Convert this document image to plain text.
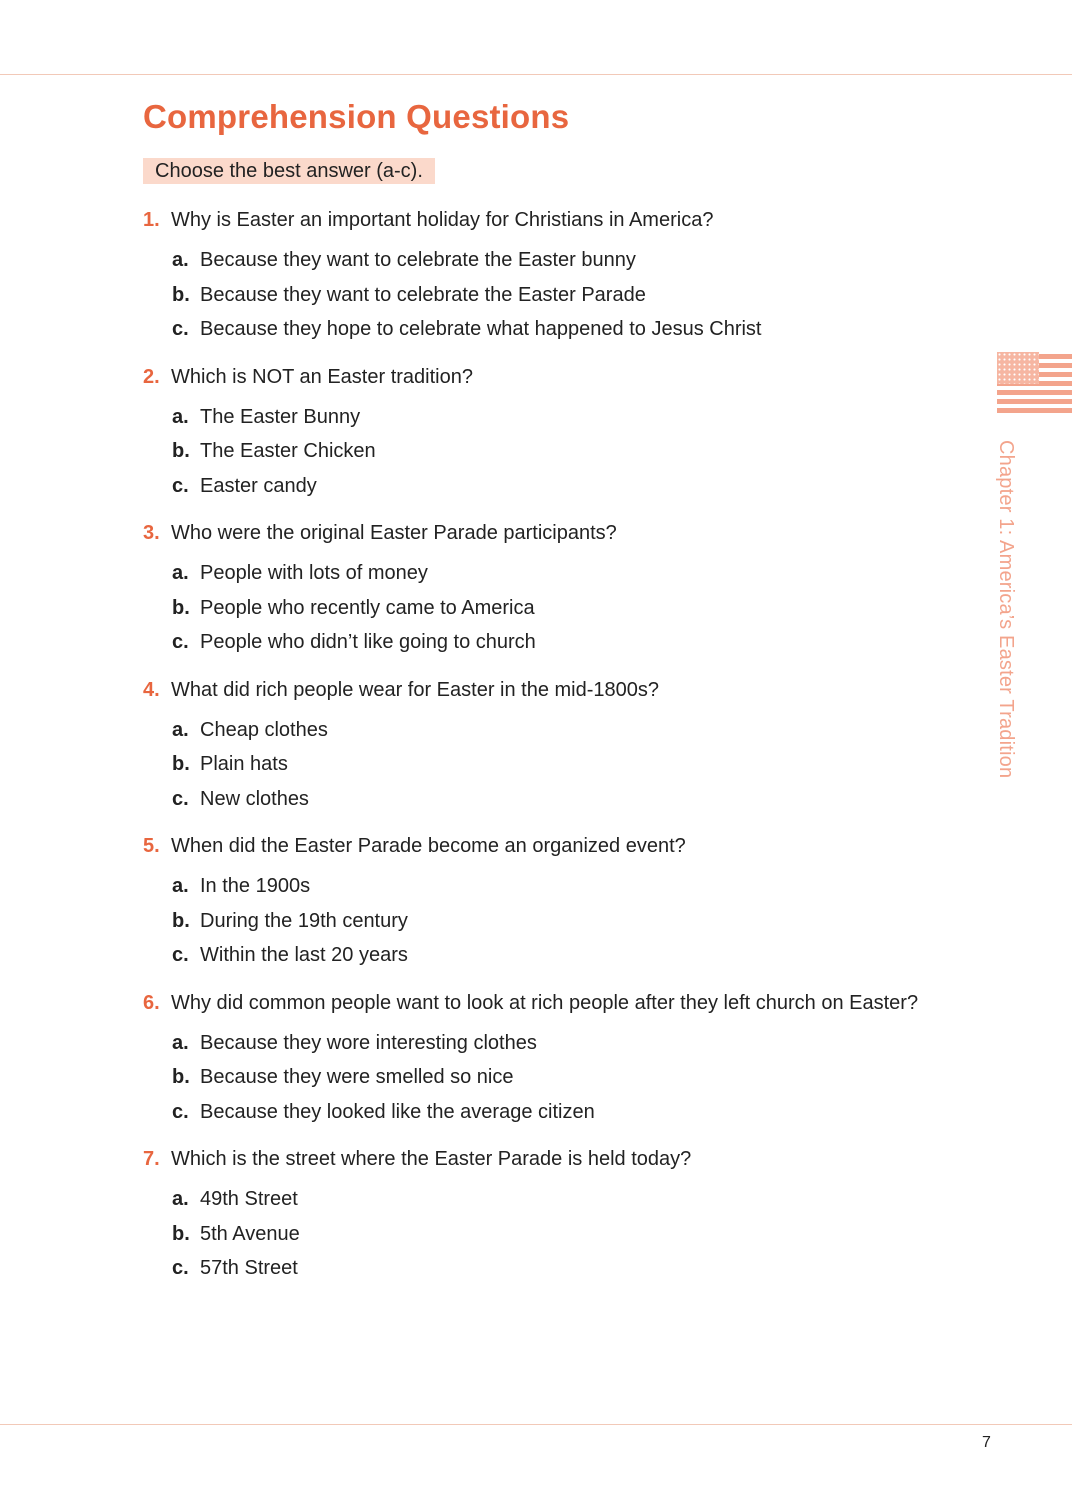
Comprehension Questions
Choose the best answer (a-c).
1. Why is Easter an important holiday for Christians in America?
a. Because they want to celebrate the Easter bunny
b. Because they want to celebrate the Easter Parade
c. Because they hope to celebrate what happened to Jesus Christ
2. Which is NOT an Easter tradition?
a. The Easter Bunny
b. The Easter Chicken
c. Easter candy
3. Who were the original Easter Parade participants?
a. People with lots of money
b. People who recently came to America
c. People who didn’t like going to church
4. What did rich people wear for Easter in the mid-1800s?
a. Cheap clothes
b. Plain hats
c. New clothes
5. When did the Easter Parade become an organized event?
a. In the 1900s
b. During the 19th century
c. Within the last 20 years
6. Why did common people want to look at rich people after they left church on Easter?
a. Because they wore interesting clothes
b. Because they were smelled so nice
c. Because they looked like the average citizen
7. Which is the street where the Easter Parade is held today?
a. 49th Street
b. 5th Avenue
c. 57th Street
Chapter 1: America’s Easter Tradition
7
